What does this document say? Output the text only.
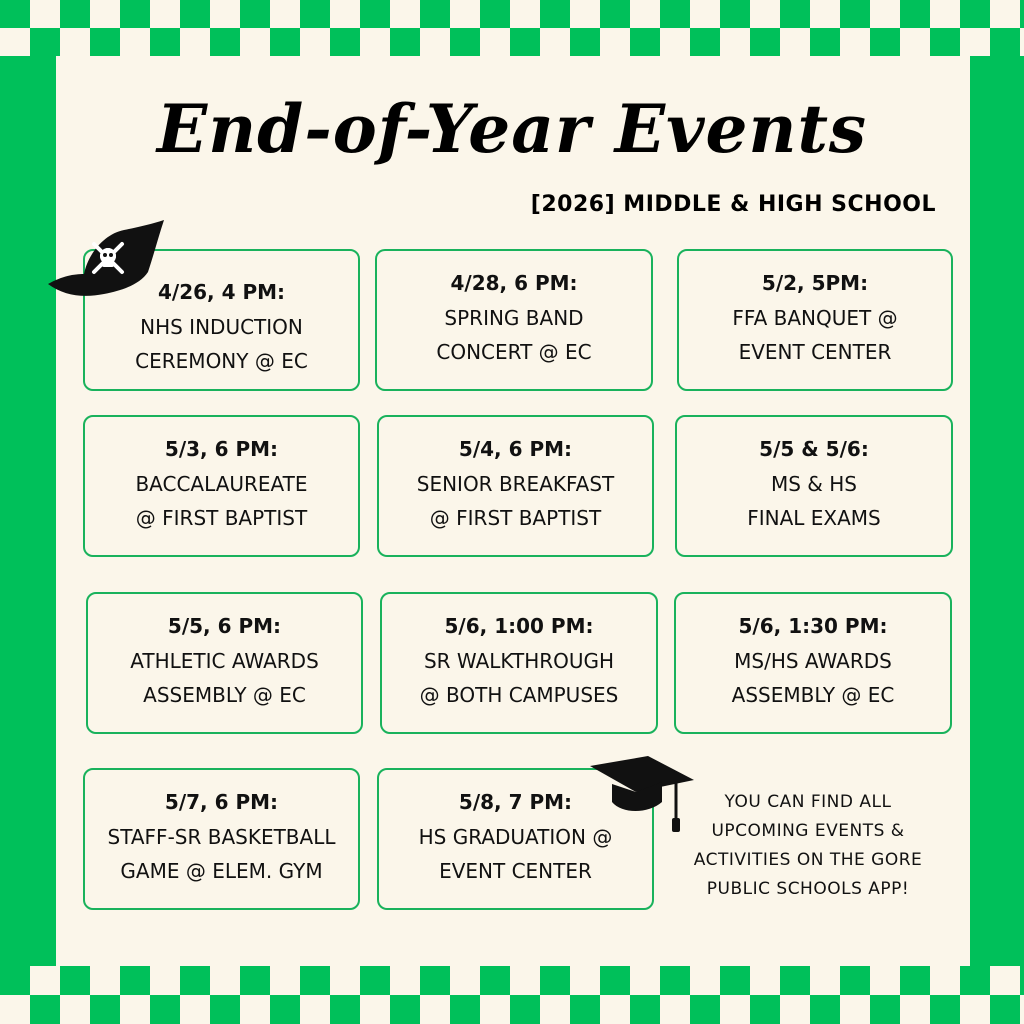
End-of-Year Events
[2026] MIDDLE & HIGH SCHOOL
4/26, 4 PM:
NHS INDUCTION
CEREMONY @ EC
4/28, 6 PM:
SPRING BAND
CONCERT @ EC
5/2, 5PM:
FFA BANQUET @
EVENT CENTER
5/3, 6 PM:
BACCALAUREATE
@ FIRST BAPTIST
5/4, 6 PM:
SENIOR BREAKFAST
@ FIRST BAPTIST
5/5 & 5/6:
MS & HS
FINAL EXAMS
5/5, 6 PM:
ATHLETIC AWARDS
ASSEMBLY @ EC
5/6, 1:00 PM:
SR WALKTHROUGH
@ BOTH CAMPUSES
5/6, 1:30 PM:
MS/HS AWARDS
ASSEMBLY @ EC
5/7, 6 PM:
STAFF-SR BASKETBALL
GAME @ ELEM. GYM
5/8, 7 PM:
HS GRADUATION @
EVENT CENTER
YOU CAN FIND ALL
UPCOMING EVENTS &
ACTIVITIES ON THE GORE
PUBLIC SCHOOLS APP!
